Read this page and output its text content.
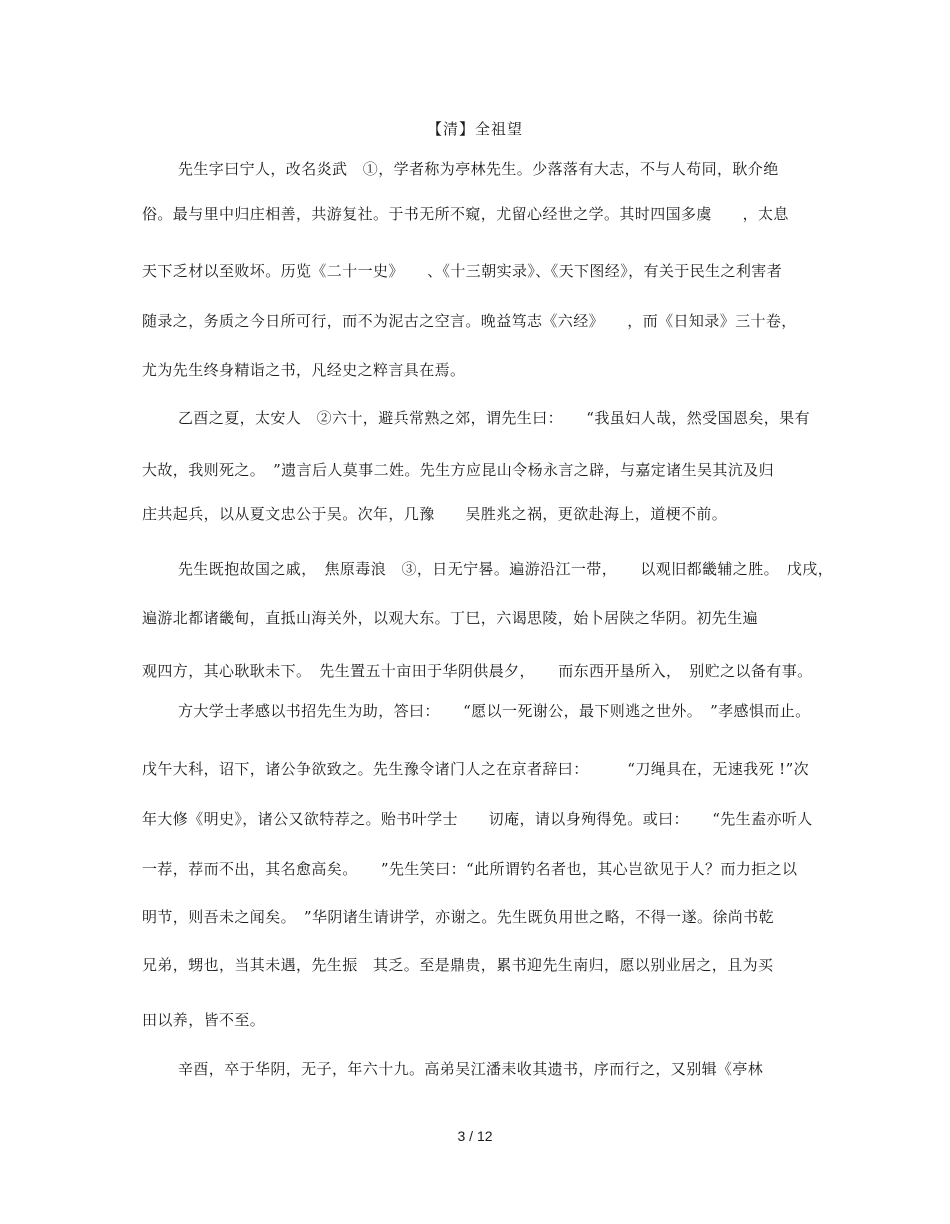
【清】全祖望
先生字曰宁人，改名炎武　①，学者称为亭林先生。少落落有大志，不与人苟同，耿介绝
俗。最与里中归庄相善，共游复社。于书无所不窥，尤留心经世之学。其时四国多虞　　，太息
天下乏材以至败坏。历览《二十一史》　　、《十三朝实录》、《天下图经》，有关于民生之利害者
随录之，务质之今日所可行，而不为泥古之空言。晚益笃志《六经》　　，而《日知录》三十卷，
尤为先生终身精诣之书，凡经史之粹言具在焉。
乙酉之夏，太安人　②六十，避兵常熟之郊，谓先生曰：　　“我虽妇人哉，然受国恩矣，果有
大故，我则死之。　”遗言后人莫事二姓。先生方应昆山令杨永言之辟，与嘉定诸生吴其沆及归
庄共起兵，以从夏文忠公于吴。次年，几豫　　吴胜兆之祸，更欲赴海上，道梗不前。
先生既抱故国之戚，　焦原毒浪　③，日无宁晷。遍游沿江一带，　　以观旧都畿辅之胜。　戊戌，
遍游北都诸畿甸，直抵山海关外，以观大东。丁巳，六谒思陵，始卜居陕之华阴。初先生遍
观四方，其心耿耿未下。　先生置五十亩田于华阴供晨夕，　　而东西开垦所入，　别贮之以备有事。
方大学士孝感以书招先生为助，答曰：　　“愿以一死谢公，最下则逃之世外。　”孝感惧而止。
戊午大科，诏下，诸公争欲致之。先生豫令诸门人之在京者辞曰：　　　“刀绳具在，无速我死 !”次
年大修《明史》，诸公又欲特荐之。贻书叶学士　　讱庵，请以身殉得免。或曰：　　“先生盍亦听人
一荐，荐而不出，其名愈高矣。　　”先生笑曰：“此所谓钓名者也，其心岂欲见于人？而力拒之以
明节，则吾未之闻矣。　”华阴诸生请讲学，亦谢之。先生既负用世之略，不得一遂。徐尚书乾
兄弟，甥也，当其未遇，先生振　其乏。至是鼎贵，累书迎先生南归，愿以别业居之，且为买
田以养，皆不至。
辛酉，卒于华阴，无子，年六十九。高弟吴江潘耒收其遗书，序而行之，又别辑《亭林
3 / 12
